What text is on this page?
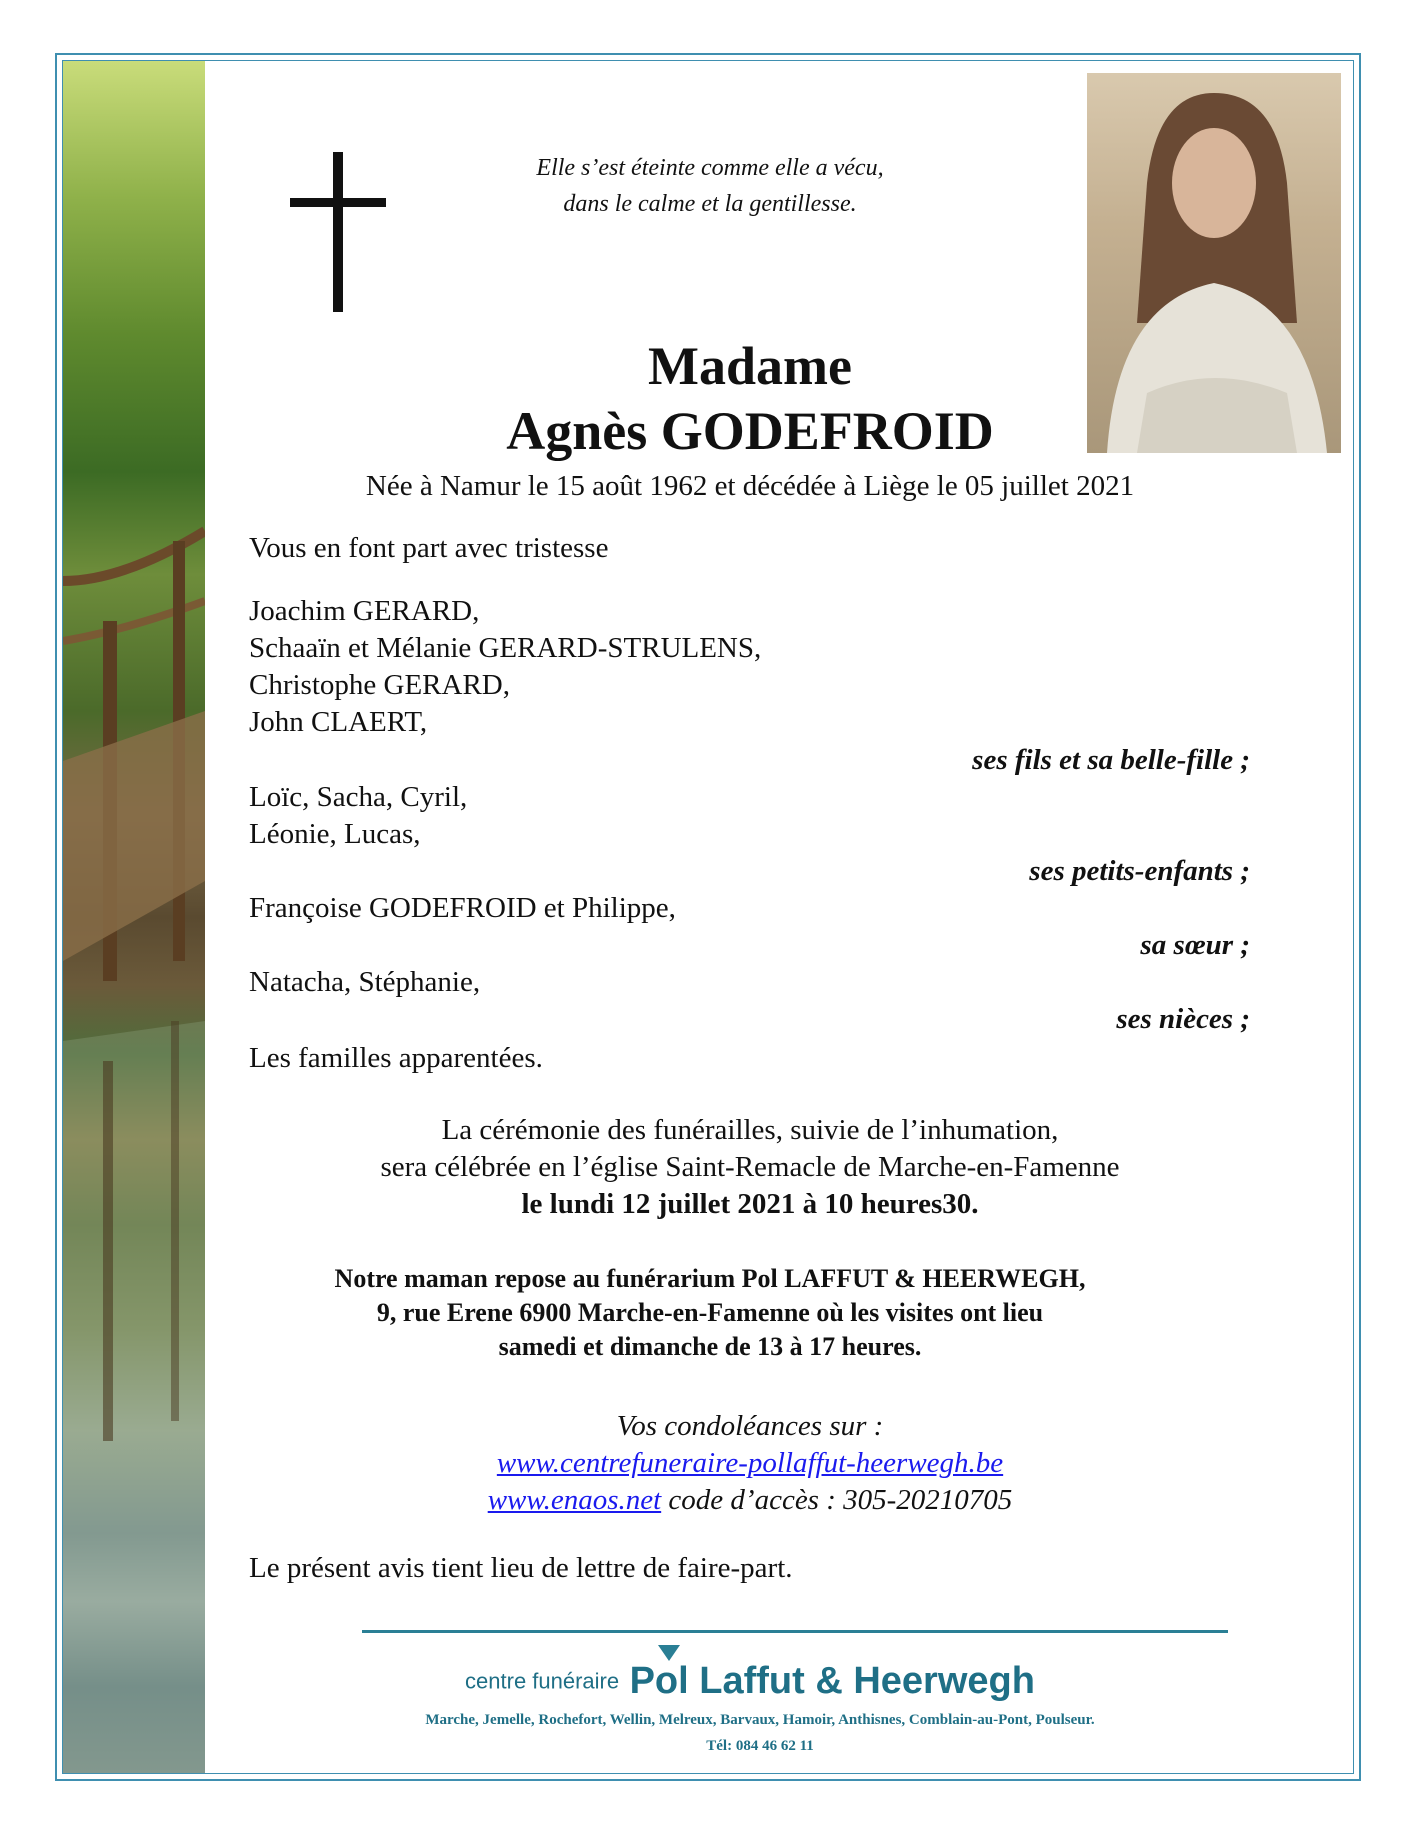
Elle s’est éteinte comme elle a vécu,
dans le calme et la gentillesse.
Madame
Agnès GODEFROID
Née à Namur le 15 août 1962 et décédée à Liège le 05 juillet 2021
Vous en font part avec tristesse
Joachim GERARD,
Schaaïn et Mélanie GERARD-STRULENS,
Christophe GERARD,
John CLAERT,
ses fils et sa belle-fille ;
Loïc, Sacha, Cyril,
Léonie, Lucas,
ses petits-enfants ;
Françoise GODEFROID et Philippe,
sa sœur ;
Natacha, Stéphanie,
ses nièces ;
Les familles apparentées.
La cérémonie des funérailles, suivie de l’inhumation,
sera célébrée en l’église Saint-Remacle de Marche-en-Famenne
le lundi 12 juillet 2021 à 10 heures30.
Notre maman repose au funérarium Pol LAFFUT & HEERWEGH,
9, rue Erene 6900 Marche-en-Famenne où les visites ont lieu
samedi et dimanche de 13 à 17 heures.
Vos condoléances sur :
www.centrefuneraire-pollaffut-heerwegh.be
www.enaos.net code d’accès : 305-20210705
Le présent avis tient lieu de lettre de faire-part.
centre funéraire Pol Laffut & Heerwegh
Marche, Jemelle, Rochefort, Wellin, Melreux, Barvaux, Hamoir, Anthisnes, Comblain-au-Pont, Poulseur.
Tél: 084 46 62 11
